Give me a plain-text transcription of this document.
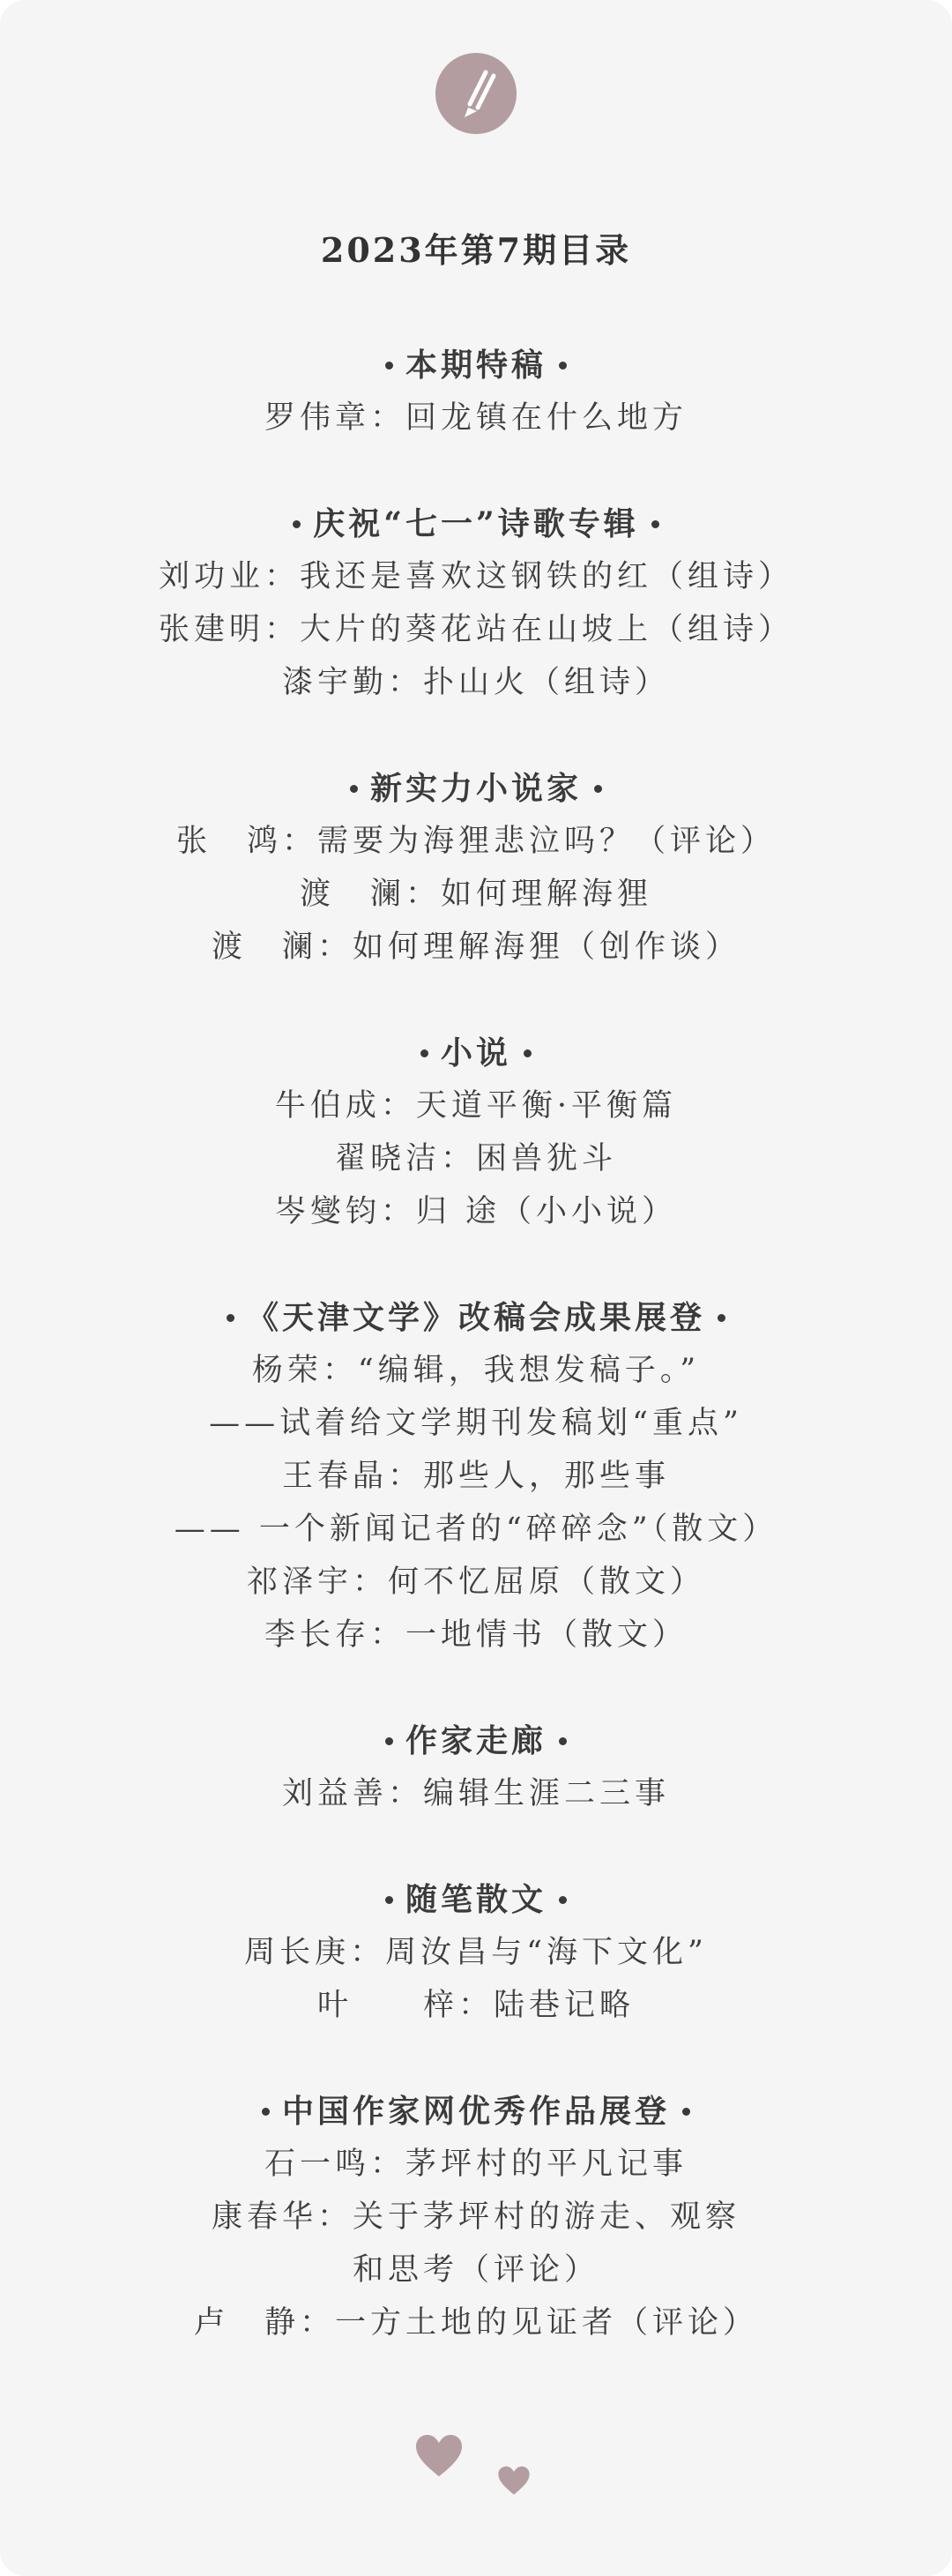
2023年第7期目录
本期特稿
罗伟章：回龙镇在什么地方
庆祝“七一”诗歌专辑
刘功业：我还是喜欢这钢铁的红（组诗）
张建明：大片的葵花站在山坡上（组诗）
漆宇勤：扑山火（组诗）
新实力小说家
张　鸿：需要为海狸悲泣吗？（评论）
渡　澜：如何理解海狸
渡　澜：如何理解海狸（创作谈）
小说
牛伯成：天道平衡·平衡篇
翟晓洁：困兽犹斗
岑燮钧：归 途（小小说）
《天津文学》改稿会成果展登
杨荣：“编辑，我想发稿子。”
——试着给文学期刊发稿划“重点”
王春晶：那些人，那些事
—— 一个新闻记者的“碎碎念”（散文）
祁泽宇：何不忆屈原（散文）
李长存：一地情书（散文）
作家走廊
刘益善：编辑生涯二三事
随笔散文
周长庚：周汝昌与“海下文化”
叶　　梓：陆巷记略
中国作家网优秀作品展登
石一鸣：茅坪村的平凡记事
康春华：关于茅坪村的游走、观察
和思考（评论）
卢　静：一方土地的见证者（评论）
